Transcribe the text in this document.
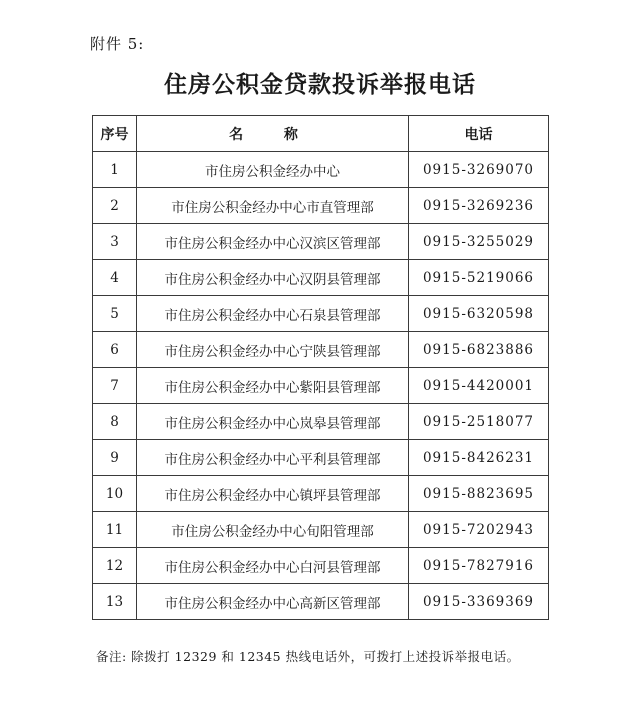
附件 5:
住房公积金贷款投诉举报电话
序号	名 称	电话
1	市住房公积金经办中心	0915-3269070
2	市住房公积金经办中心市直管理部	0915-3269236
3	市住房公积金经办中心汉滨区管理部	0915-3255029
4	市住房公积金经办中心汉阴县管理部	0915-5219066
5	市住房公积金经办中心石泉县管理部	0915-6320598
6	市住房公积金经办中心宁陕县管理部	0915-6823886
7	市住房公积金经办中心紫阳县管理部	0915-4420001
8	市住房公积金经办中心岚皋县管理部	0915-2518077
9	市住房公积金经办中心平利县管理部	0915-8426231
10	市住房公积金经办中心镇坪县管理部	0915-8823695
11	市住房公积金经办中心旬阳管理部	0915-7202943
12	市住房公积金经办中心白河县管理部	0915-7827916
13	市住房公积金经办中心高新区管理部	0915-3369369
备注: 除拨打 12329 和 12345 热线电话外，可拨打上述投诉举报电话。
